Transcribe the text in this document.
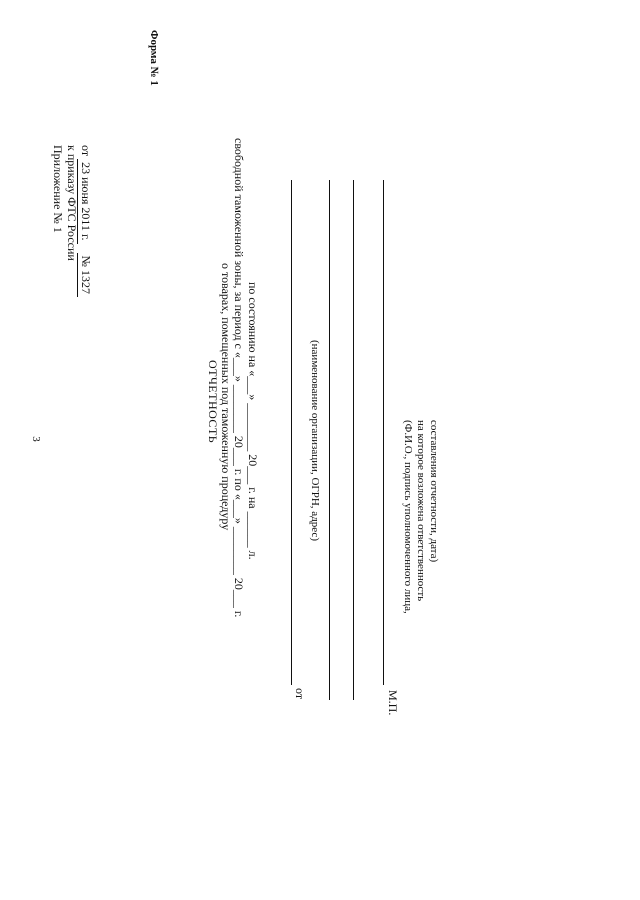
3
Форма № 1
Приложение № 1 к приказу ФТС России от 23 июня 2011 г. № 1327
ОТЧЕТНОСТЬ о товарах, помещенных под таможенную процедуру свободной таможенной зоны, за период с «___» ________ 20___ г. по «___» ________ 20___ г. по состоянию на «___» ________ 20___ г. на ______ л.
от
(наименование организации, ОГРН, адрес)
М.П.
(Ф.И.О., подпись уполномоченного лица, на которое возложена ответственность составления отчетности, дата)
